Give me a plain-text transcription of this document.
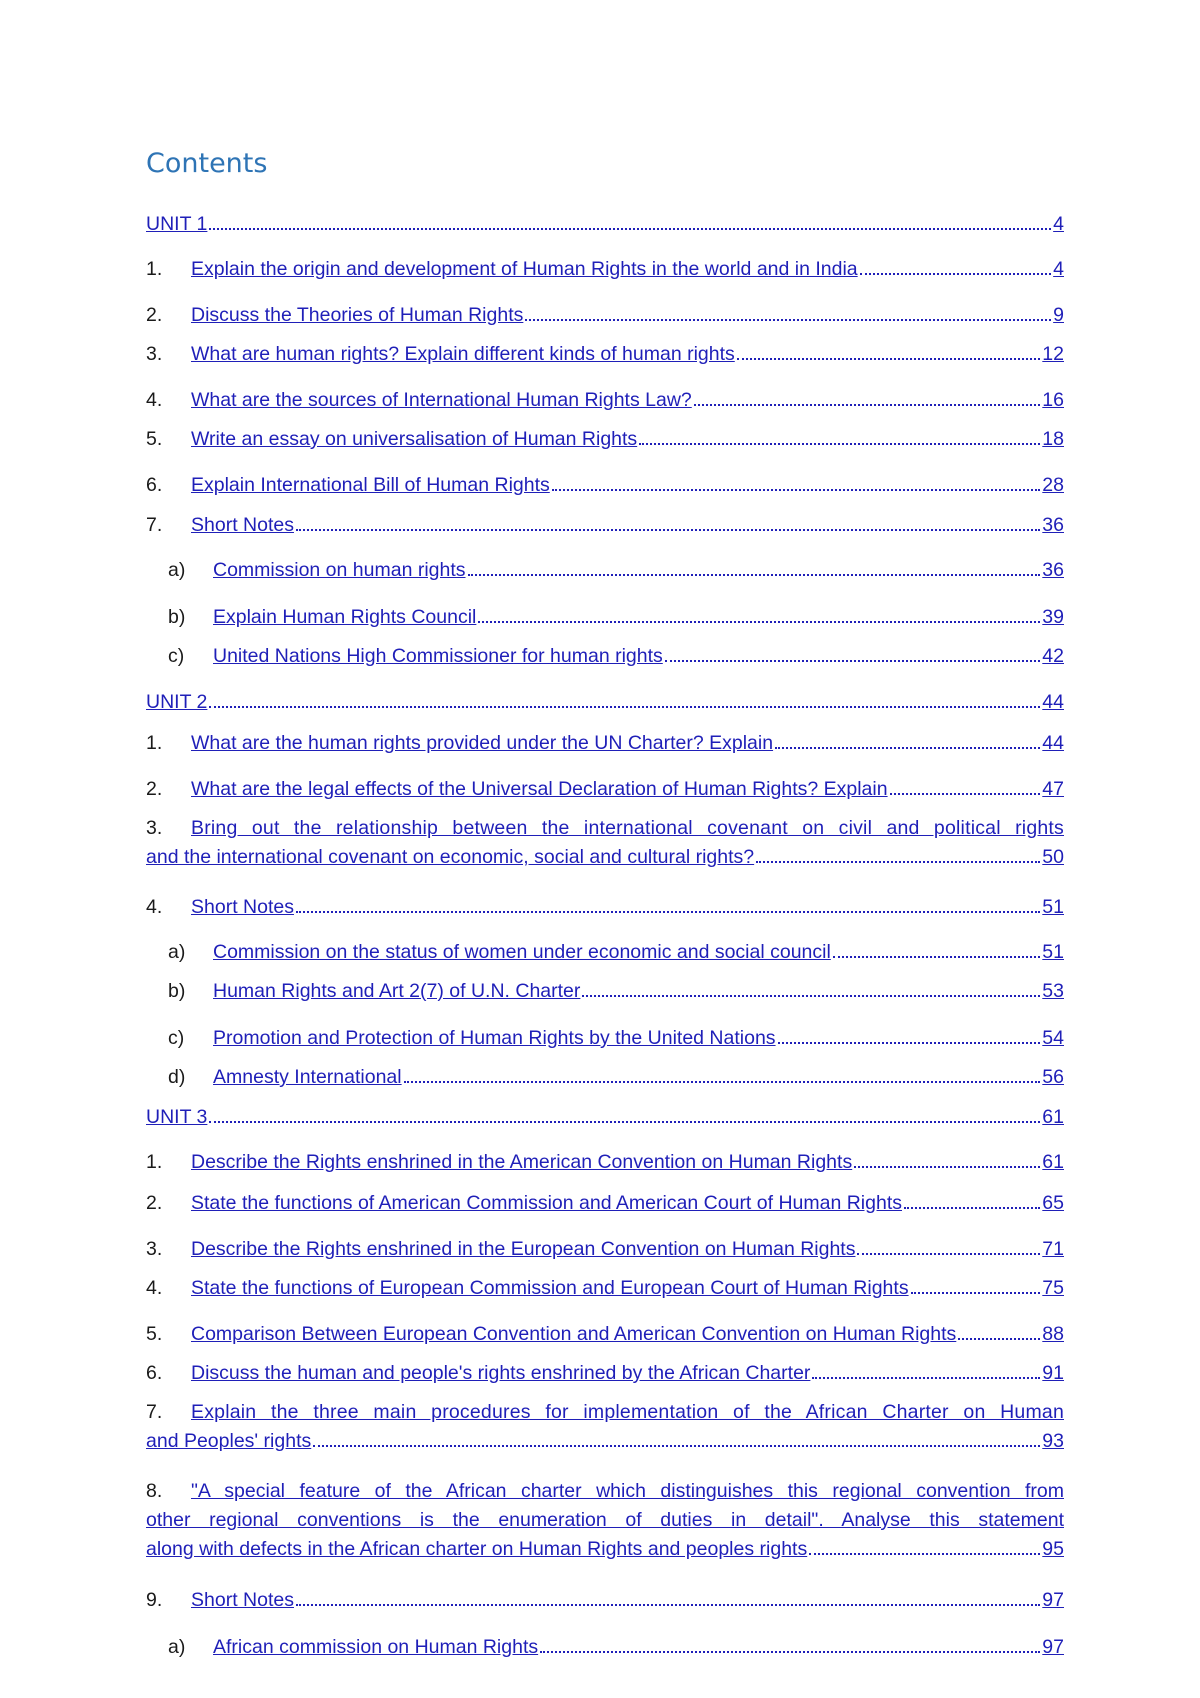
Contents
UNIT 1	4
1.	Explain the origin and development of Human Rights in the world and in India	4
2.	Discuss the Theories of Human Rights	9
3.	What are human rights? Explain different kinds of human rights	12
4.	What are the sources of International Human Rights Law?	16
5.	Write an essay on universalisation of Human Rights	18
6.	Explain International Bill of Human Rights	28
7.	Short Notes	36
a)	Commission on human rights	36
b)	Explain Human Rights Council	39
c)	United Nations High Commissioner for human rights	42
UNIT 2	44
1.	What are the human rights provided under the UN Charter? Explain	44
2.	What are the legal effects of the Universal Declaration of Human Rights? Explain	47
3.	Bring out the relationship between the international covenant on civil and political rights
and the international covenant on economic, social and cultural rights?	50
4.	Short Notes	51
a)	Commission on the status of women under economic and social council	51
b)	Human Rights and Art 2(7) of U.N. Charter	53
c)	Promotion and Protection of Human Rights by the United Nations	54
d)	Amnesty International	56
UNIT 3	61
1.	Describe the Rights enshrined in the American Convention on Human Rights	61
2.	State the functions of American Commission and American Court of Human Rights	65
3.	Describe the Rights enshrined in the European Convention on Human Rights	71
4.	State the functions of European Commission and European Court of Human Rights	75
5.	Comparison Between European Convention and American Convention on Human Rights	88
6.	Discuss the human and people's rights enshrined by the African Charter	91
7.	Explain the three main procedures for implementation of the African Charter on Human
and Peoples' rights	93
8.	"A special feature of the African charter which distinguishes this regional convention from
other regional conventions is the enumeration of duties in detail". Analyse this statement
along with defects in the African charter on Human Rights and peoples rights	95
9.	Short Notes	97
a)	African commission on Human Rights	97
